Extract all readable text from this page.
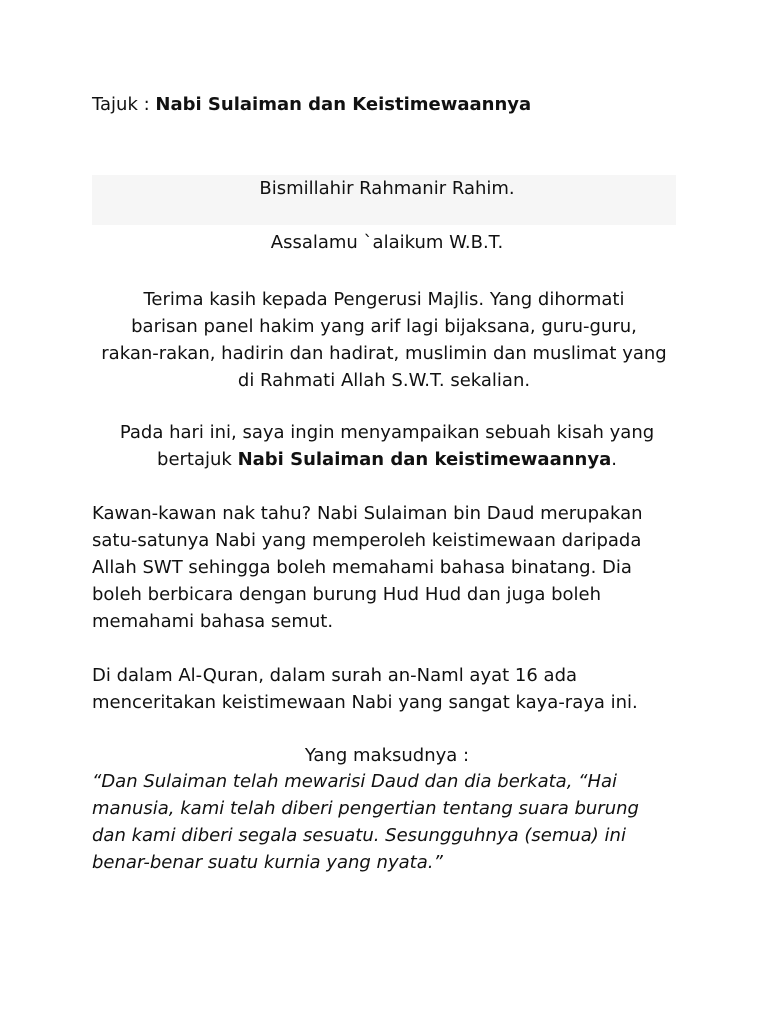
Tajuk : Nabi Sulaiman dan Keistimewaannya

Bismillahir Rahmanir Rahim.

Assalamu `alaikum W.B.T.

Terima kasih kepada Pengerusi Majlis. Yang dihormati
barisan panel hakim yang arif lagi bijaksana, guru-guru,
rakan-rakan, hadirin dan hadirat, muslimin dan muslimat yang
di Rahmati Allah S.W.T. sekalian.

Pada hari ini, saya ingin menyampaikan sebuah kisah yang
bertajuk Nabi Sulaiman dan keistimewaannya.

Kawan-kawan nak tahu? Nabi Sulaiman bin Daud merupakan
satu-satunya Nabi yang memperoleh keistimewaan daripada
Allah SWT sehingga boleh memahami bahasa binatang. Dia
boleh berbicara dengan burung Hud Hud dan juga boleh
memahami bahasa semut.

Di dalam Al-Quran, dalam surah an-Naml ayat 16 ada
menceritakan keistimewaan Nabi yang sangat kaya-raya ini.

Yang maksudnya :

“Dan Sulaiman telah mewarisi Daud dan dia berkata, “Hai
manusia, kami telah diberi pengertian tentang suara burung
dan kami diberi segala sesuatu. Sesungguhnya (semua) ini
benar-benar suatu kurnia yang nyata.”
